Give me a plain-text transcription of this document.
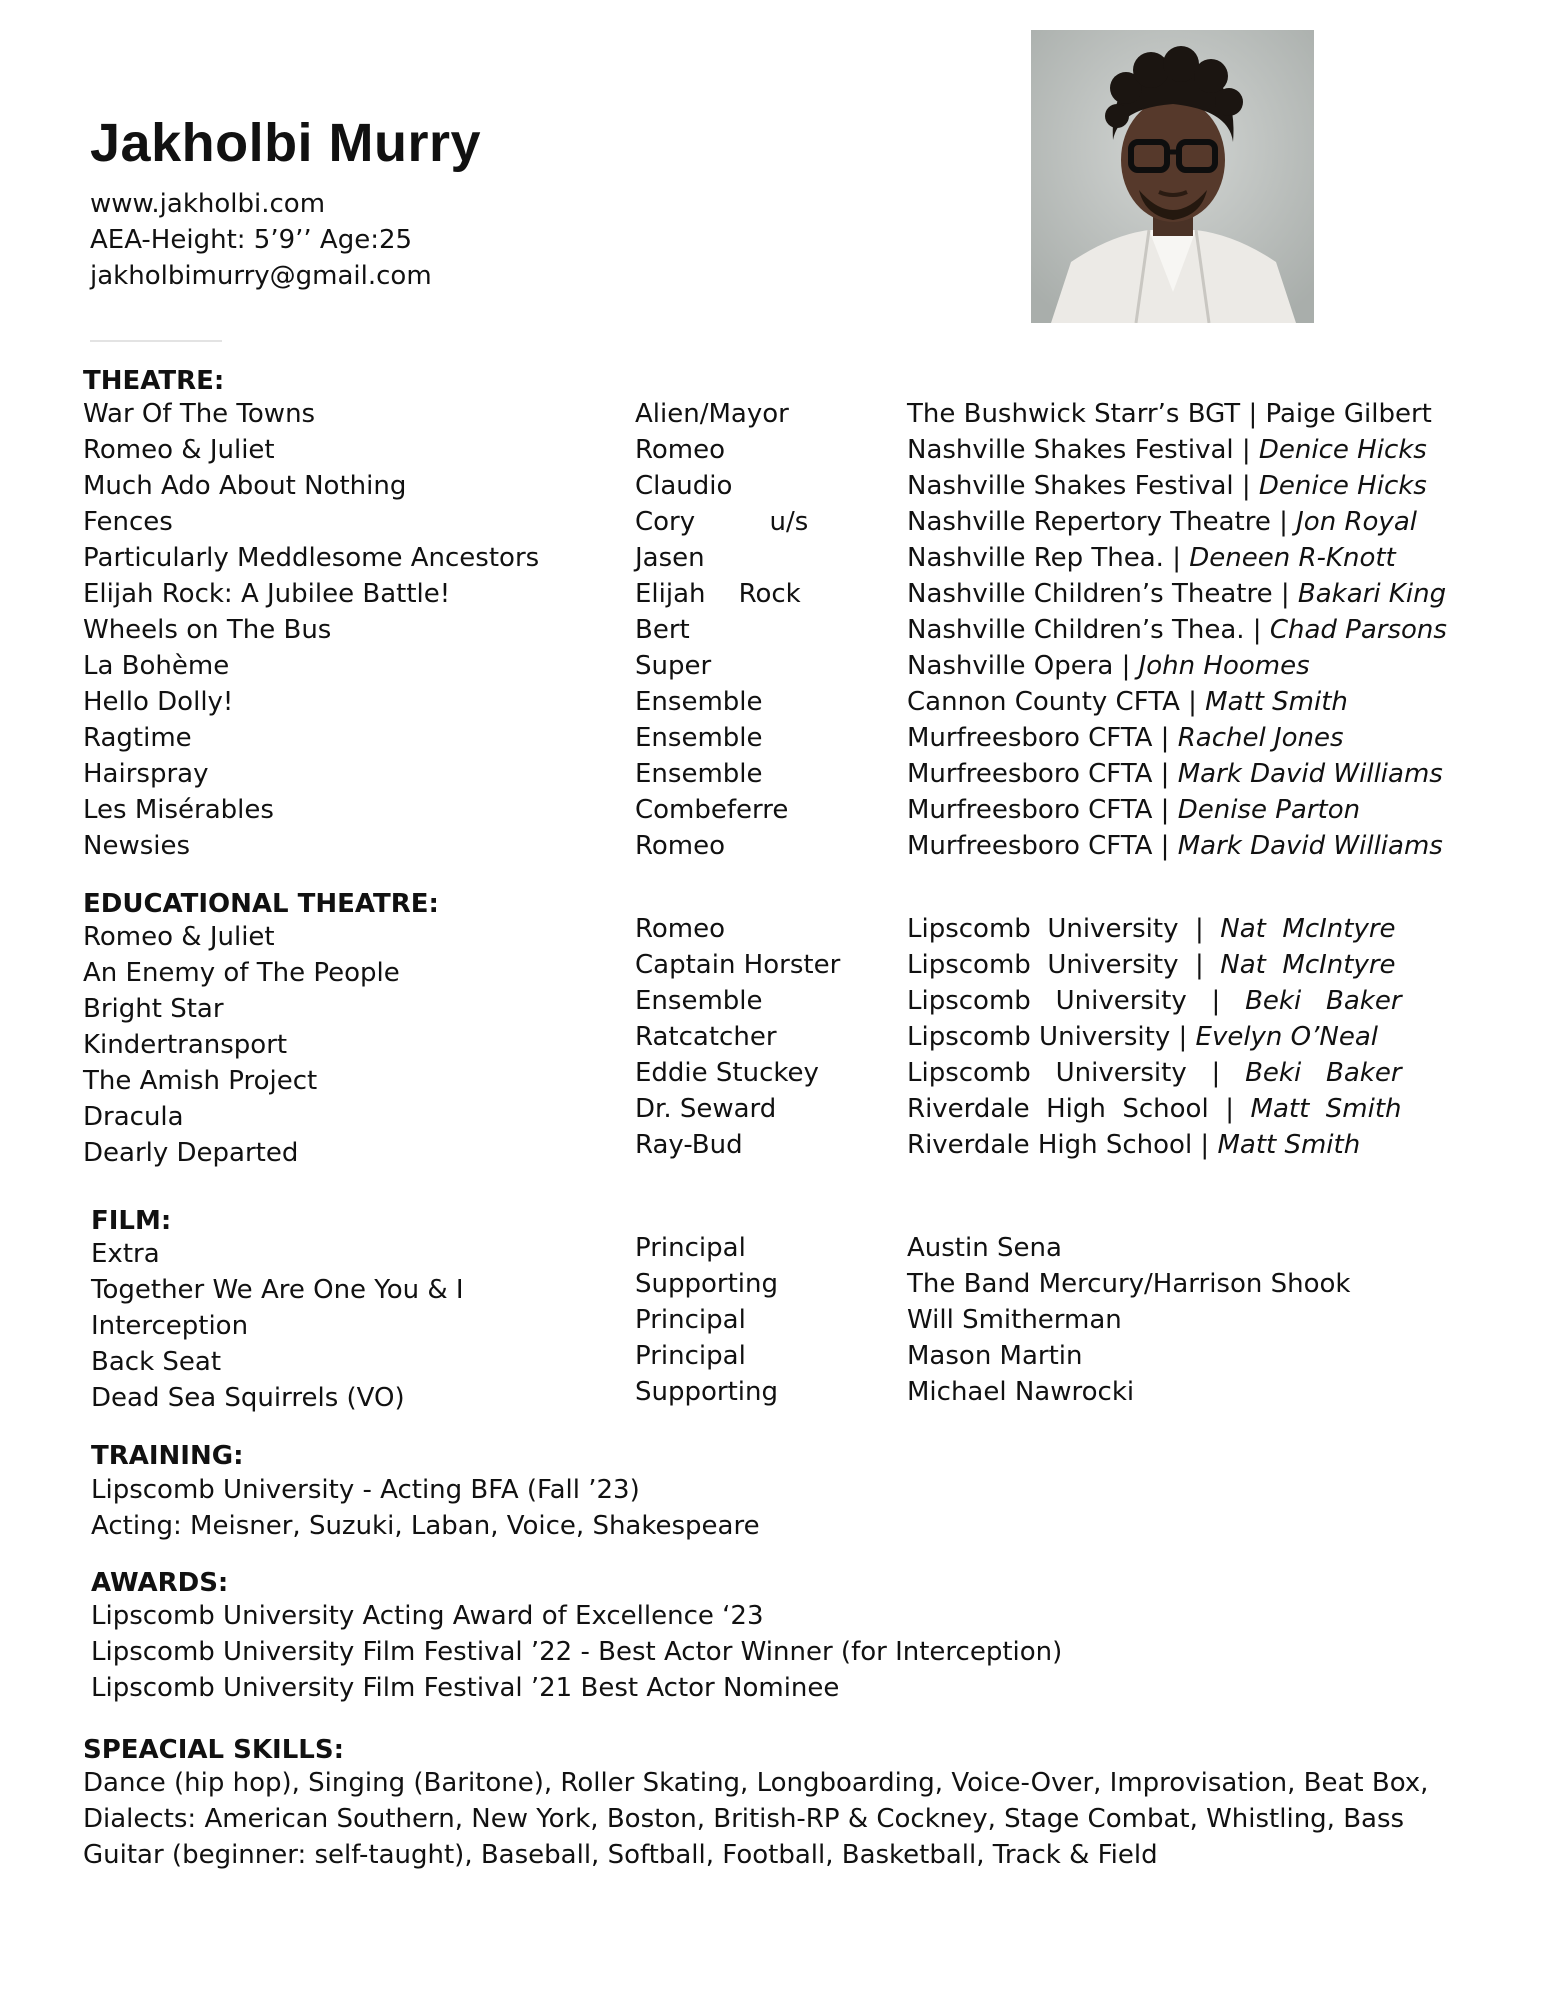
Jakholbi Murry
www.jakholbi.com
AEA-Height: 5’9’’ Age:25
jakholbimurry@gmail.com
THEATRE:
War Of The Towns
Romeo & Juliet
Much Ado About Nothing
Fences
Particularly Meddlesome Ancestors
Elijah Rock: A Jubilee Battle!
Wheels on The Bus
La Bohème
Hello Dolly!
Ragtime
Hairspray
Les Misérables
Newsies
Alien/Mayor
Romeo
Claudio
Cory         u/s
Jasen
Elijah    Rock
Bert
Super
Ensemble
Ensemble
Ensemble
Combeferre
Romeo
The Bushwick Starr’s BGT | Paige Gilbert
Nashville Shakes Festival | Denice Hicks
Nashville Shakes Festival | Denice Hicks
Nashville Repertory Theatre | Jon Royal
Nashville Rep Thea. | Deneen R-Knott
Nashville Children’s Theatre | Bakari King
Nashville Children’s Thea. | Chad Parsons
Nashville Opera | John Hoomes
Cannon County CFTA | Matt Smith
Murfreesboro CFTA | Rachel Jones
Murfreesboro CFTA | Mark David Williams
Murfreesboro CFTA | Denise Parton
Murfreesboro CFTA | Mark David Williams
EDUCATIONAL THEATRE:
Romeo & Juliet
An Enemy of The People
Bright Star
Kindertransport
The Amish Project
Dracula
Dearly Departed
Romeo
Captain Horster
Ensemble
Ratcatcher
Eddie Stuckey
Dr. Seward
Ray-Bud
Lipscomb  University  |  Nat  McIntyre
Lipscomb  University  |  Nat  McIntyre
Lipscomb   University   |   Beki   Baker
Lipscomb University | Evelyn O’Neal
Lipscomb   University   |   Beki   Baker
Riverdale  High  School  |  Matt  Smith
Riverdale High School | Matt Smith
FILM:
Extra
Together We Are One You & I
Interception
Back Seat
Dead Sea Squirrels (VO)
Principal
Supporting
Principal
Principal
Supporting
Austin Sena
The Band Mercury/Harrison Shook
Will Smitherman
Mason Martin
Michael Nawrocki
TRAINING:
Lipscomb University - Acting BFA (Fall ’23)
Acting: Meisner, Suzuki, Laban, Voice, Shakespeare
AWARDS:
Lipscomb University Acting Award of Excellence ‘23
Lipscomb University Film Festival ’22 - Best Actor Winner (for Interception)
Lipscomb University Film Festival ’21 Best Actor Nominee
SPEACIAL SKILLS:
Dance (hip hop), Singing (Baritone), Roller Skating, Longboarding, Voice-Over, Improvisation, Beat Box,
Dialects: American Southern, New York, Boston, British-RP & Cockney, Stage Combat, Whistling, Bass
Guitar (beginner: self-taught), Baseball, Softball, Football, Basketball, Track & Field
